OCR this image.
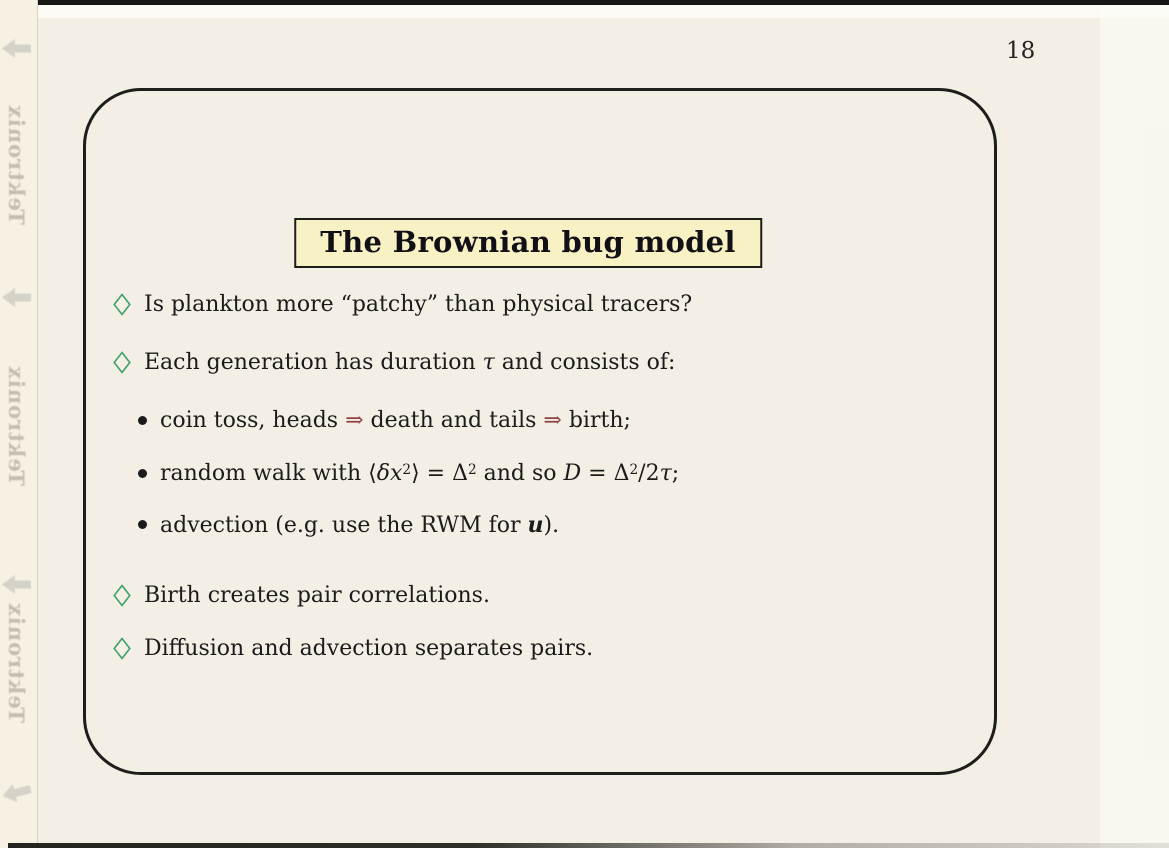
Tektronix
Tektronix
Tektronix
18
The Brownian bug model
Is plankton more “patchy” than physical tracers?
Each generation has duration τ and consists of:
coin toss, heads ⇒ death and tails ⇒ birth;
random walk with $⟨\delta x^2⟩ = \Delta^2$ and so $D = \Delta^2/2\tau$;
advection (e.g. use the RWM for u).
Birth creates pair correlations.
Diffusion and advection separates pairs.
